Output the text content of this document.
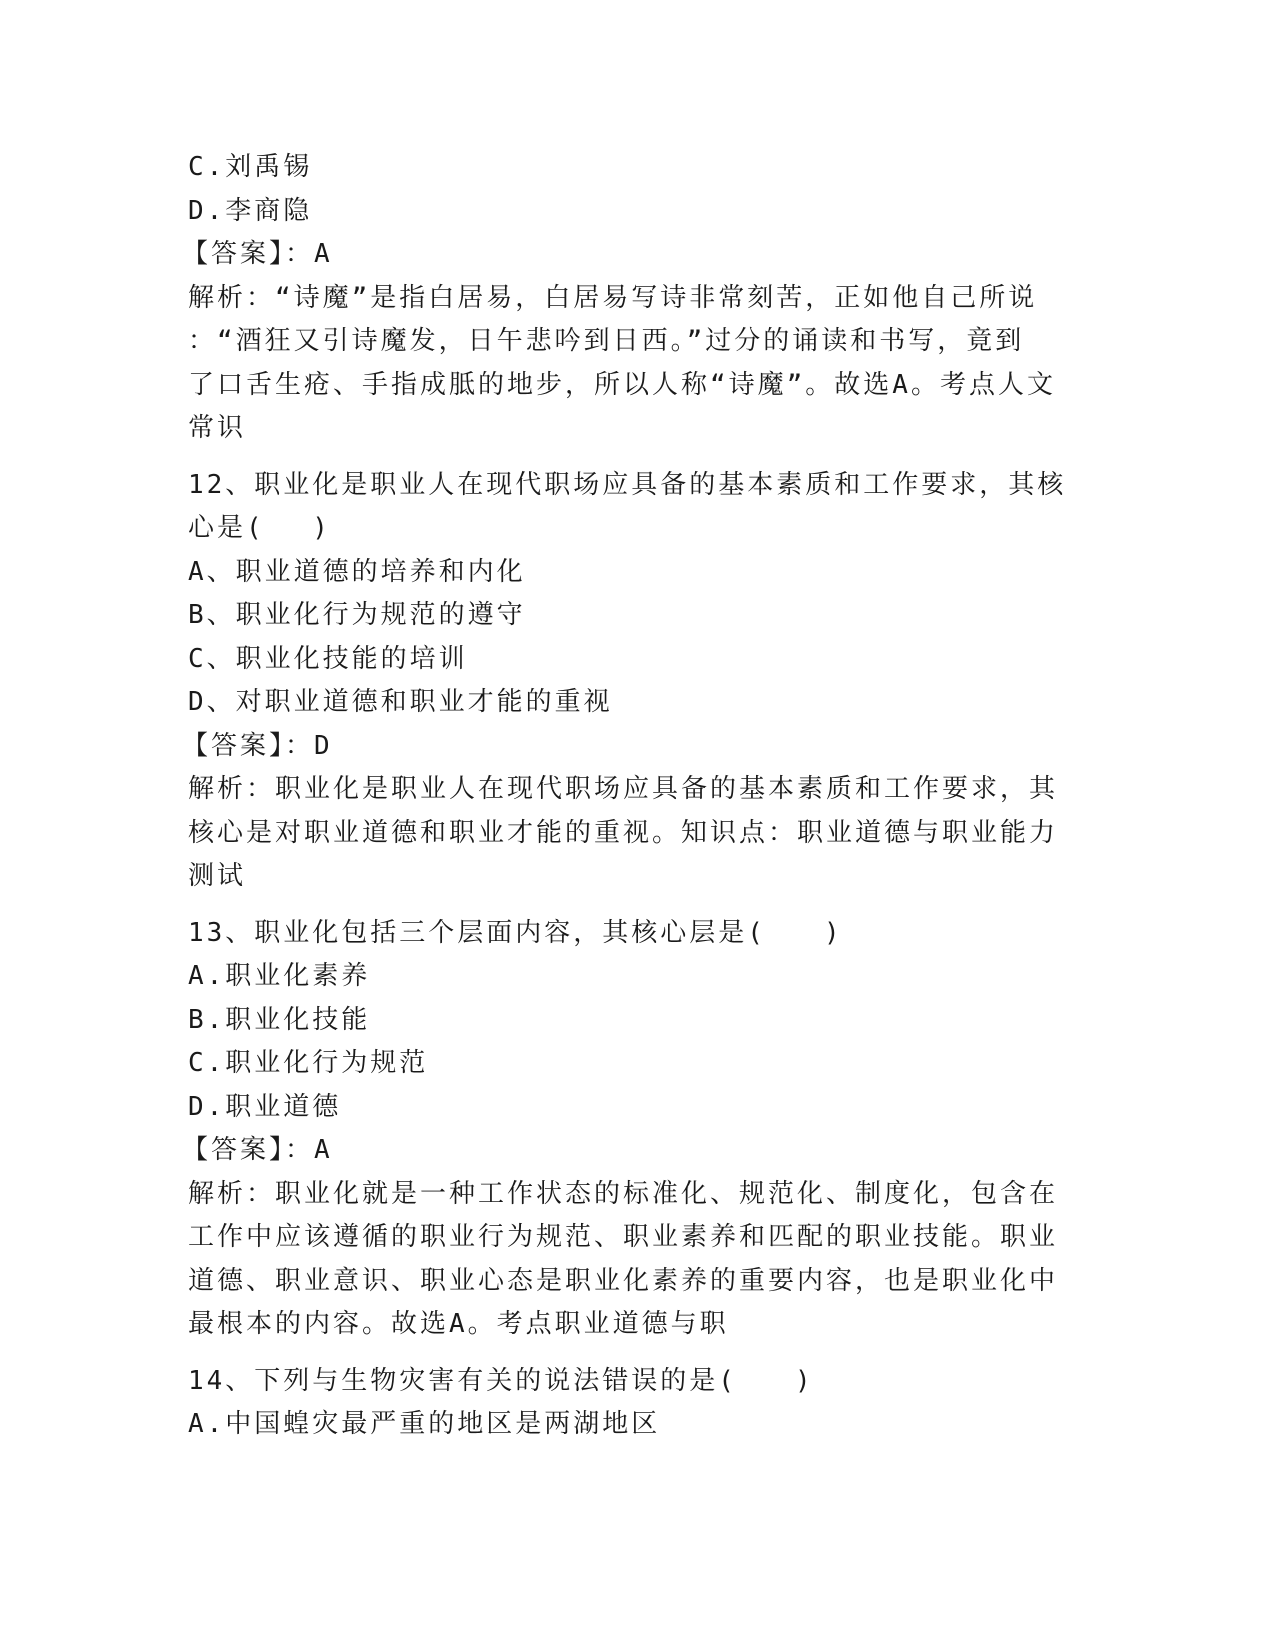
C.刘禹锡
D.李商隐
【答案】：A
解析：“诗魔”是指白居易，白居易写诗非常刻苦，正如他自己所说
：“酒狂又引诗魔发，日午悲吟到日西。”过分的诵读和书写，竟到
了口舌生疮、手指成胝的地步，所以人称“诗魔”。故选A。考点人文
常识
12、职业化是职业人在现代职场应具备的基本素质和工作要求，其核
心是(　 )
A、职业道德的培养和内化
B、职业化行为规范的遵守
C、职业化技能的培训
D、对职业道德和职业才能的重视
【答案】：D
解析：职业化是职业人在现代职场应具备的基本素质和工作要求，其
核心是对职业道德和职业才能的重视。知识点：职业道德与职业能力
测试
13、职业化包括三个层面内容，其核心层是(　　)
A.职业化素养
B.职业化技能
C.职业化行为规范
D.职业道德
【答案】：A
解析：职业化就是一种工作状态的标准化、规范化、制度化，包含在
工作中应该遵循的职业行为规范、职业素养和匹配的职业技能。职业
道德、职业意识、职业心态是职业化素养的重要内容，也是职业化中
最根本的内容。故选A。考点职业道德与职
14、下列与生物灾害有关的说法错误的是(　　)
A.中国蝗灾最严重的地区是两湖地区
